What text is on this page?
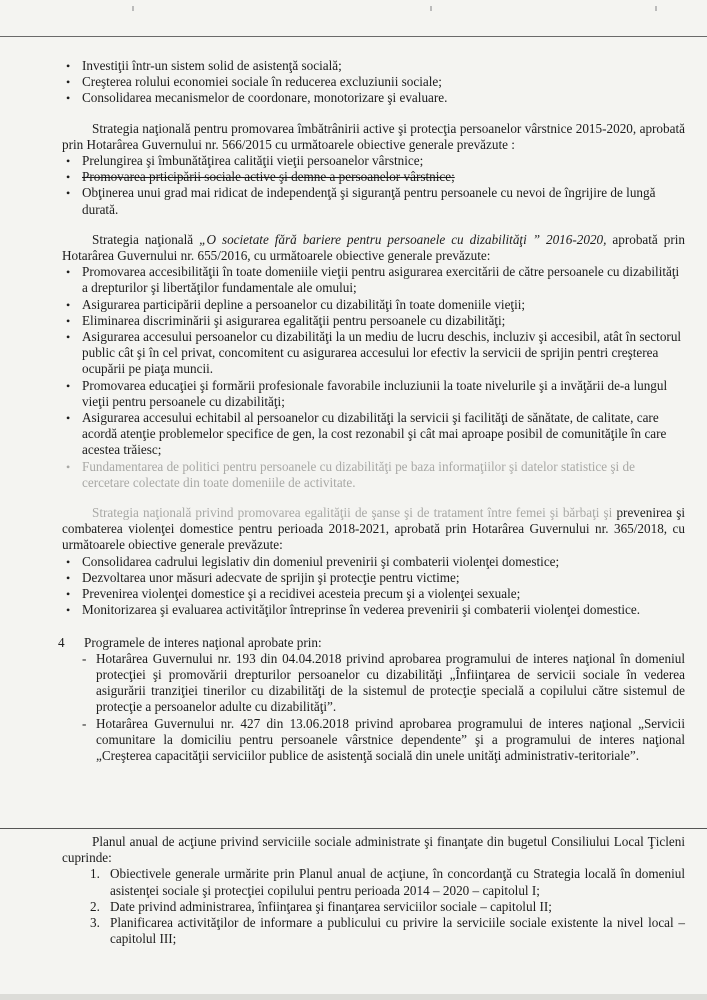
• Investiţii într-un sistem solid de asistenţă socială;
• Creşterea rolului economiei sociale în reducerea excluziunii sociale;
• Consolidarea mecanismelor de coordonare, monotorizare şi evaluare.

Strategia naţională pentru promovarea îmbătrânirii active şi protecţia persoanelor vârstnice 2015-2020, aprobată prin Hotarârea Guvernului nr. 566/2015 cu următoarele obiective generale prevăzute :

• Prelungirea şi îmbunătăţirea calităţii vieţii persoanelor vârstnice;
• Promovarea prticipării sociale active şi demne a persoanelor vârstnice;
• Obţinerea unui grad mai ridicat de independenţă şi siguranţă pentru persoanele cu nevoi de îngrijire de lungă durată.

Strategia naţională „O societate fără bariere pentru persoanele cu dizabilităţi ” 2016-2020, aprobată prin Hotarârea Guvernului nr. 655/2016, cu următoarele obiective generale prevăzute:

• Promovarea accesibilităţii în toate domeniile vieţii pentru asigurarea exercitării de către persoanele cu dizabilităţi a drepturilor şi libertăţilor fundamentale ale omului;
• Asigurarea participării depline a persoanelor cu dizabilităţi în toate domeniile vieţii;
• Eliminarea discriminării şi asigurarea egalităţii pentru persoanele cu dizabilităţi;
• Asigurarea accesului persoanelor cu dizabilităţi la un mediu de lucru deschis, incluziv şi accesibil, atât în sectorul public cât şi în cel privat, concomitent cu asigurarea accesului lor efectiv la servicii de sprijin pentri creşterea ocupării pe piaţa muncii.
• Promovarea educaţiei şi formării profesionale favorabile incluziunii la toate nivelurile şi a invăţării de-a lungul vieţii pentru persoanele cu dizabilităţi;
• Asigurarea accesului echitabil al persoanelor cu dizabilităţi la servicii şi facilităţi de sănătate, de calitate, care acordă atenţie problemelor specifice de gen, la cost rezonabil şi cât mai aproape posibil de comunităţile în care acestea trăiesc;
• Fundamentarea de politici pentru persoanele cu dizabilităţi pe baza informaţiilor şi datelor statistice şi de cercetare colectate din toate domeniile de activitate.

Strategia naţională privind promovarea egalităţii de şanse şi de tratament între femei şi bărbaţi şi prevenirea şi combaterea violenţei domestice pentru perioada 2018-2021, aprobată prin Hotarârea Guvernului nr. 365/2018, cu următoarele obiective generale prevăzute:

• Consolidarea cadrului legislativ din domeniul prevenirii şi combaterii violenţei domestice;
• Dezvoltarea unor măsuri adecvate de sprijin şi protecţie pentru victime;
• Prevenirea violenţei domestice şi a recidivei acesteia precum şi a violenţei sexuale;
• Monitorizarea şi evaluarea activităţilor întreprinse în vederea prevenirii şi combaterii violenţei domestice.
4 Programele de interes naţional aprobate prin:
- Hotarârea Guvernului nr. 193 din 04.04.2018 privind aprobarea programului de interes naţional în domeniul protecţiei şi promovării drepturilor persoanelor cu dizabilităţi „Înfiinţarea de servicii sociale în vederea asigurării tranziţiei tinerilor cu dizabilităţi de la sistemul de protecţie specială a copilului către sistemul de protecţie a persoanelor adulte cu dizabilităţi”.
- Hotarârea Guvernului nr. 427 din 13.06.2018 privind aprobarea programului de interes naţional „Servicii comunitare la domiciliu pentru persoanele vârstnice dependente” şi a programului de interes naţional „Creşterea capacităţii serviciilor publice de asistenţă socială din unele unităţi administrativ-teritoriale”.

Planul anual de acţiune privind serviciile sociale administrate şi finanţate din bugetul Consiliului Local Ţicleni cuprinde:

1. Obiectivele generale urmărite prin Planul anual de acţiune, în concordanţă cu Strategia locală în domeniul asistenţei sociale şi protecţiei copilului pentru perioada 2014 – 2020 – capitolul I;
2. Date privind administrarea, înfiinţarea şi finanţarea serviciilor sociale – capitolul II;
3. Planificarea activităţilor de informare a publicului cu privire la serviciile sociale existente la nivel local – capitolul III;
